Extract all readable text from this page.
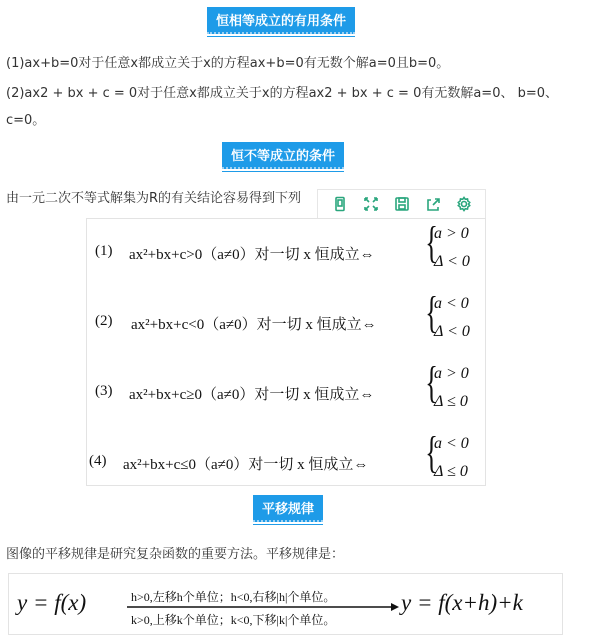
恒相等成立的有用条件
(1)ax+b=0对于任意x都成立关于x的方程ax+b=0有无数个解a=0且b=0。
(2)ax2 + bx + c = 0对于任意x都成立关于x的方程ax2 + bx + c = 0有无数解a=0、 b=0、
c=0。
恒不等成立的条件
由一元二次不等式解集为R的有关结论容易得到下列
(1) ax²+bx+c>0（a≠0）对一切 x 恒成立⇔ {
a > 0
Δ < 0
(2) ax²+bx+c<0（a≠0）对一切 x 恒成立⇔ {
a < 0
Δ < 0
(3) ax²+bx+c≥0（a≠0）对一切 x 恒成立⇔ {
a > 0
Δ ≤ 0
(4) ax²+bx+c≤0（a≠0）对一切 x 恒成立⇔ {
a < 0
Δ ≤ 0
平移规律
图像的平移规律是研究复杂函数的重要方法。平移规律是：
y = f(x)	h>0,左移h个单位；h<0,右移|h|个单位。
k>0,上移k个单位；k<0,下移|k|个单位。
y = f(x+h)+k
